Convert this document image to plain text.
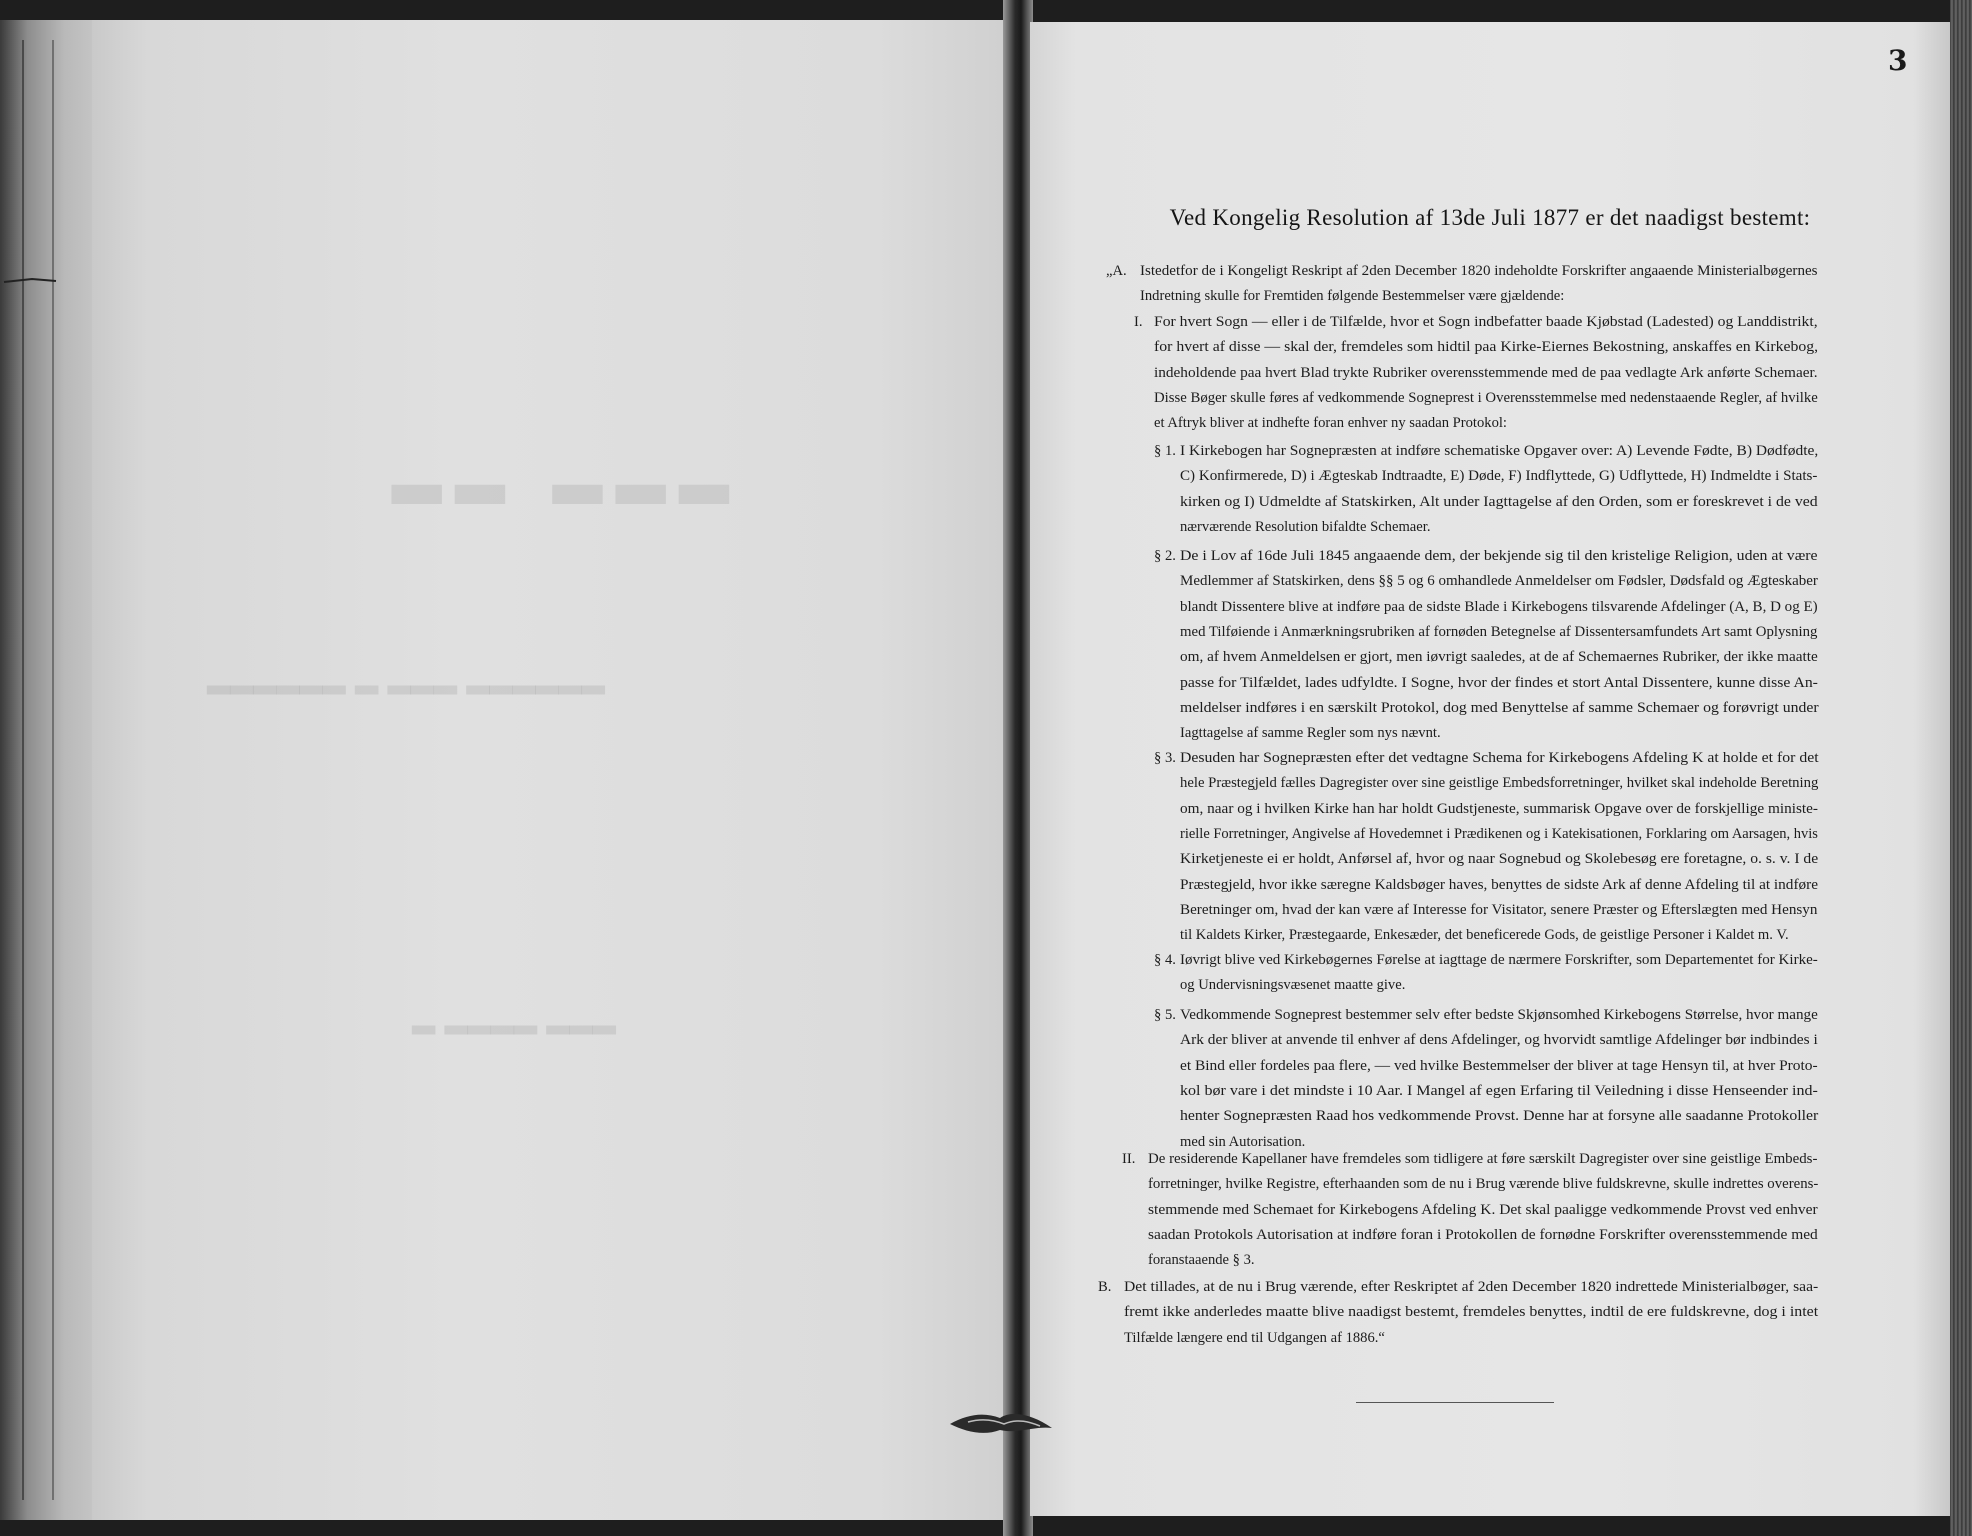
▂▂ ▂▂▂
▂▂▂▂▂▂ ▂ ▂▂▂ ▂▂▂▂▂▂
▂ ▂▂▂▂ ▂▂▂
3
Ved Kongelig Resolution af 13de Juli 1877 er det naadigst bestemt:
„A. Istedetfor de i Kongeligt Reskript af 2den December 1820 indeholdte Forskrifter angaaende Ministerialbøgernes
Indretning skulle for Fremtiden følgende Bestemmelser være gjældende:
I. For hvert Sogn — eller i de Tilfælde, hvor et Sogn indbefatter baade Kjøbstad (Ladested) og Landdistrikt,
for hvert af disse — skal der, fremdeles som hidtil paa Kirke-Eiernes Bekostning, anskaffes en Kirkebog,
indeholdende paa hvert Blad trykte Rubriker overensstemmende med de paa vedlagte Ark anførte Schemaer.
Disse Bøger skulle føres af vedkommende Sogneprest i Overensstemmelse med nedenstaaende Regler, af hvilke
et Aftryk bliver at indhefte foran enhver ny saadan Protokol:
§ 1. I Kirkebogen har Sognepræsten at indføre schematiske Opgaver over: A) Levende Fødte, B) Dødfødte,
C) Konfirmerede, D) i Ægteskab Indtraadte, E) Døde, F) Indflyttede, G) Udflyttede, H) Indmeldte i Stats-
kirken og I) Udmeldte af Statskirken, Alt under Iagttagelse af den Orden, som er foreskrevet i de ved
nærværende Resolution bifaldte Schemaer.
§ 2. De i Lov af 16de Juli 1845 angaaende dem, der bekjende sig til den kristelige Religion, uden at være
Medlemmer af Statskirken, dens §§ 5 og 6 omhandlede Anmeldelser om Fødsler, Dødsfald og Ægteskaber
blandt Dissentere blive at indføre paa de sidste Blade i Kirkebogens tilsvarende Afdelinger (A, B, D og E)
med Tilføiende i Anmærkningsrubriken af fornøden Betegnelse af Dissentersamfundets Art samt Oplysning
om, af hvem Anmeldelsen er gjort, men iøvrigt saaledes, at de af Schemaernes Rubriker, der ikke maatte
passe for Tilfældet, lades udfyldte. I Sogne, hvor der findes et stort Antal Dissentere, kunne disse An-
meldelser indføres i en særskilt Protokol, dog med Benyttelse af samme Schemaer og forøvrigt under
Iagttagelse af samme Regler som nys nævnt.
§ 3. Desuden har Sognepræsten efter det vedtagne Schema for Kirkebogens Afdeling K at holde et for det
hele Præstegjeld fælles Dagregister over sine geistlige Embedsforretninger, hvilket skal indeholde Beretning
om, naar og i hvilken Kirke han har holdt Gudstjeneste, summarisk Opgave over de forskjellige ministe-
rielle Forretninger, Angivelse af Hovedemnet i Prædikenen og i Katekisationen, Forklaring om Aarsagen, hvis
Kirketjeneste ei er holdt, Anførsel af, hvor og naar Sognebud og Skolebesøg ere foretagne, o. s. v. I de
Præstegjeld, hvor ikke særegne Kaldsbøger haves, benyttes de sidste Ark af denne Afdeling til at indføre
Beretninger om, hvad der kan være af Interesse for Visitator, senere Præster og Efterslægten med Hensyn
til Kaldets Kirker, Præstegaarde, Enkesæder, det beneficerede Gods, de geistlige Personer i Kaldet m. V.
§ 4. Iøvrigt blive ved Kirkebøgernes Førelse at iagttage de nærmere Forskrifter, som Departementet for Kirke-
og Undervisningsvæsenet maatte give.
§ 5. Vedkommende Sogneprest bestemmer selv efter bedste Skjønsomhed Kirkebogens Størrelse, hvor mange
Ark der bliver at anvende til enhver af dens Afdelinger, og hvorvidt samtlige Afdelinger bør indbindes i
et Bind eller fordeles paa flere, — ved hvilke Bestemmelser der bliver at tage Hensyn til, at hver Proto-
kol bør vare i det mindste i 10 Aar. I Mangel af egen Erfaring til Veiledning i disse Henseender ind-
henter Sognepræsten Raad hos vedkommende Provst. Denne har at forsyne alle saadanne Protokoller
med sin Autorisation.
II. De residerende Kapellaner have fremdeles som tidligere at føre særskilt Dagregister over sine geistlige Embeds-
forretninger, hvilke Registre, efterhaanden som de nu i Brug værende blive fuldskrevne, skulle indrettes overens-
stemmende med Schemaet for Kirkebogens Afdeling K. Det skal paaligge vedkommende Provst ved enhver
saadan Protokols Autorisation at indføre foran i Protokollen de fornødne Forskrifter overensstemmende med
foranstaaende § 3.
B. Det tillades, at de nu i Brug værende, efter Reskriptet af 2den December 1820 indrettede Ministerialbøger, saa-
fremt ikke anderledes maatte blive naadigst bestemt, fremdeles benyttes, indtil de ere fuldskrevne, dog i intet
Tilfælde længere end til Udgangen af 1886.“
